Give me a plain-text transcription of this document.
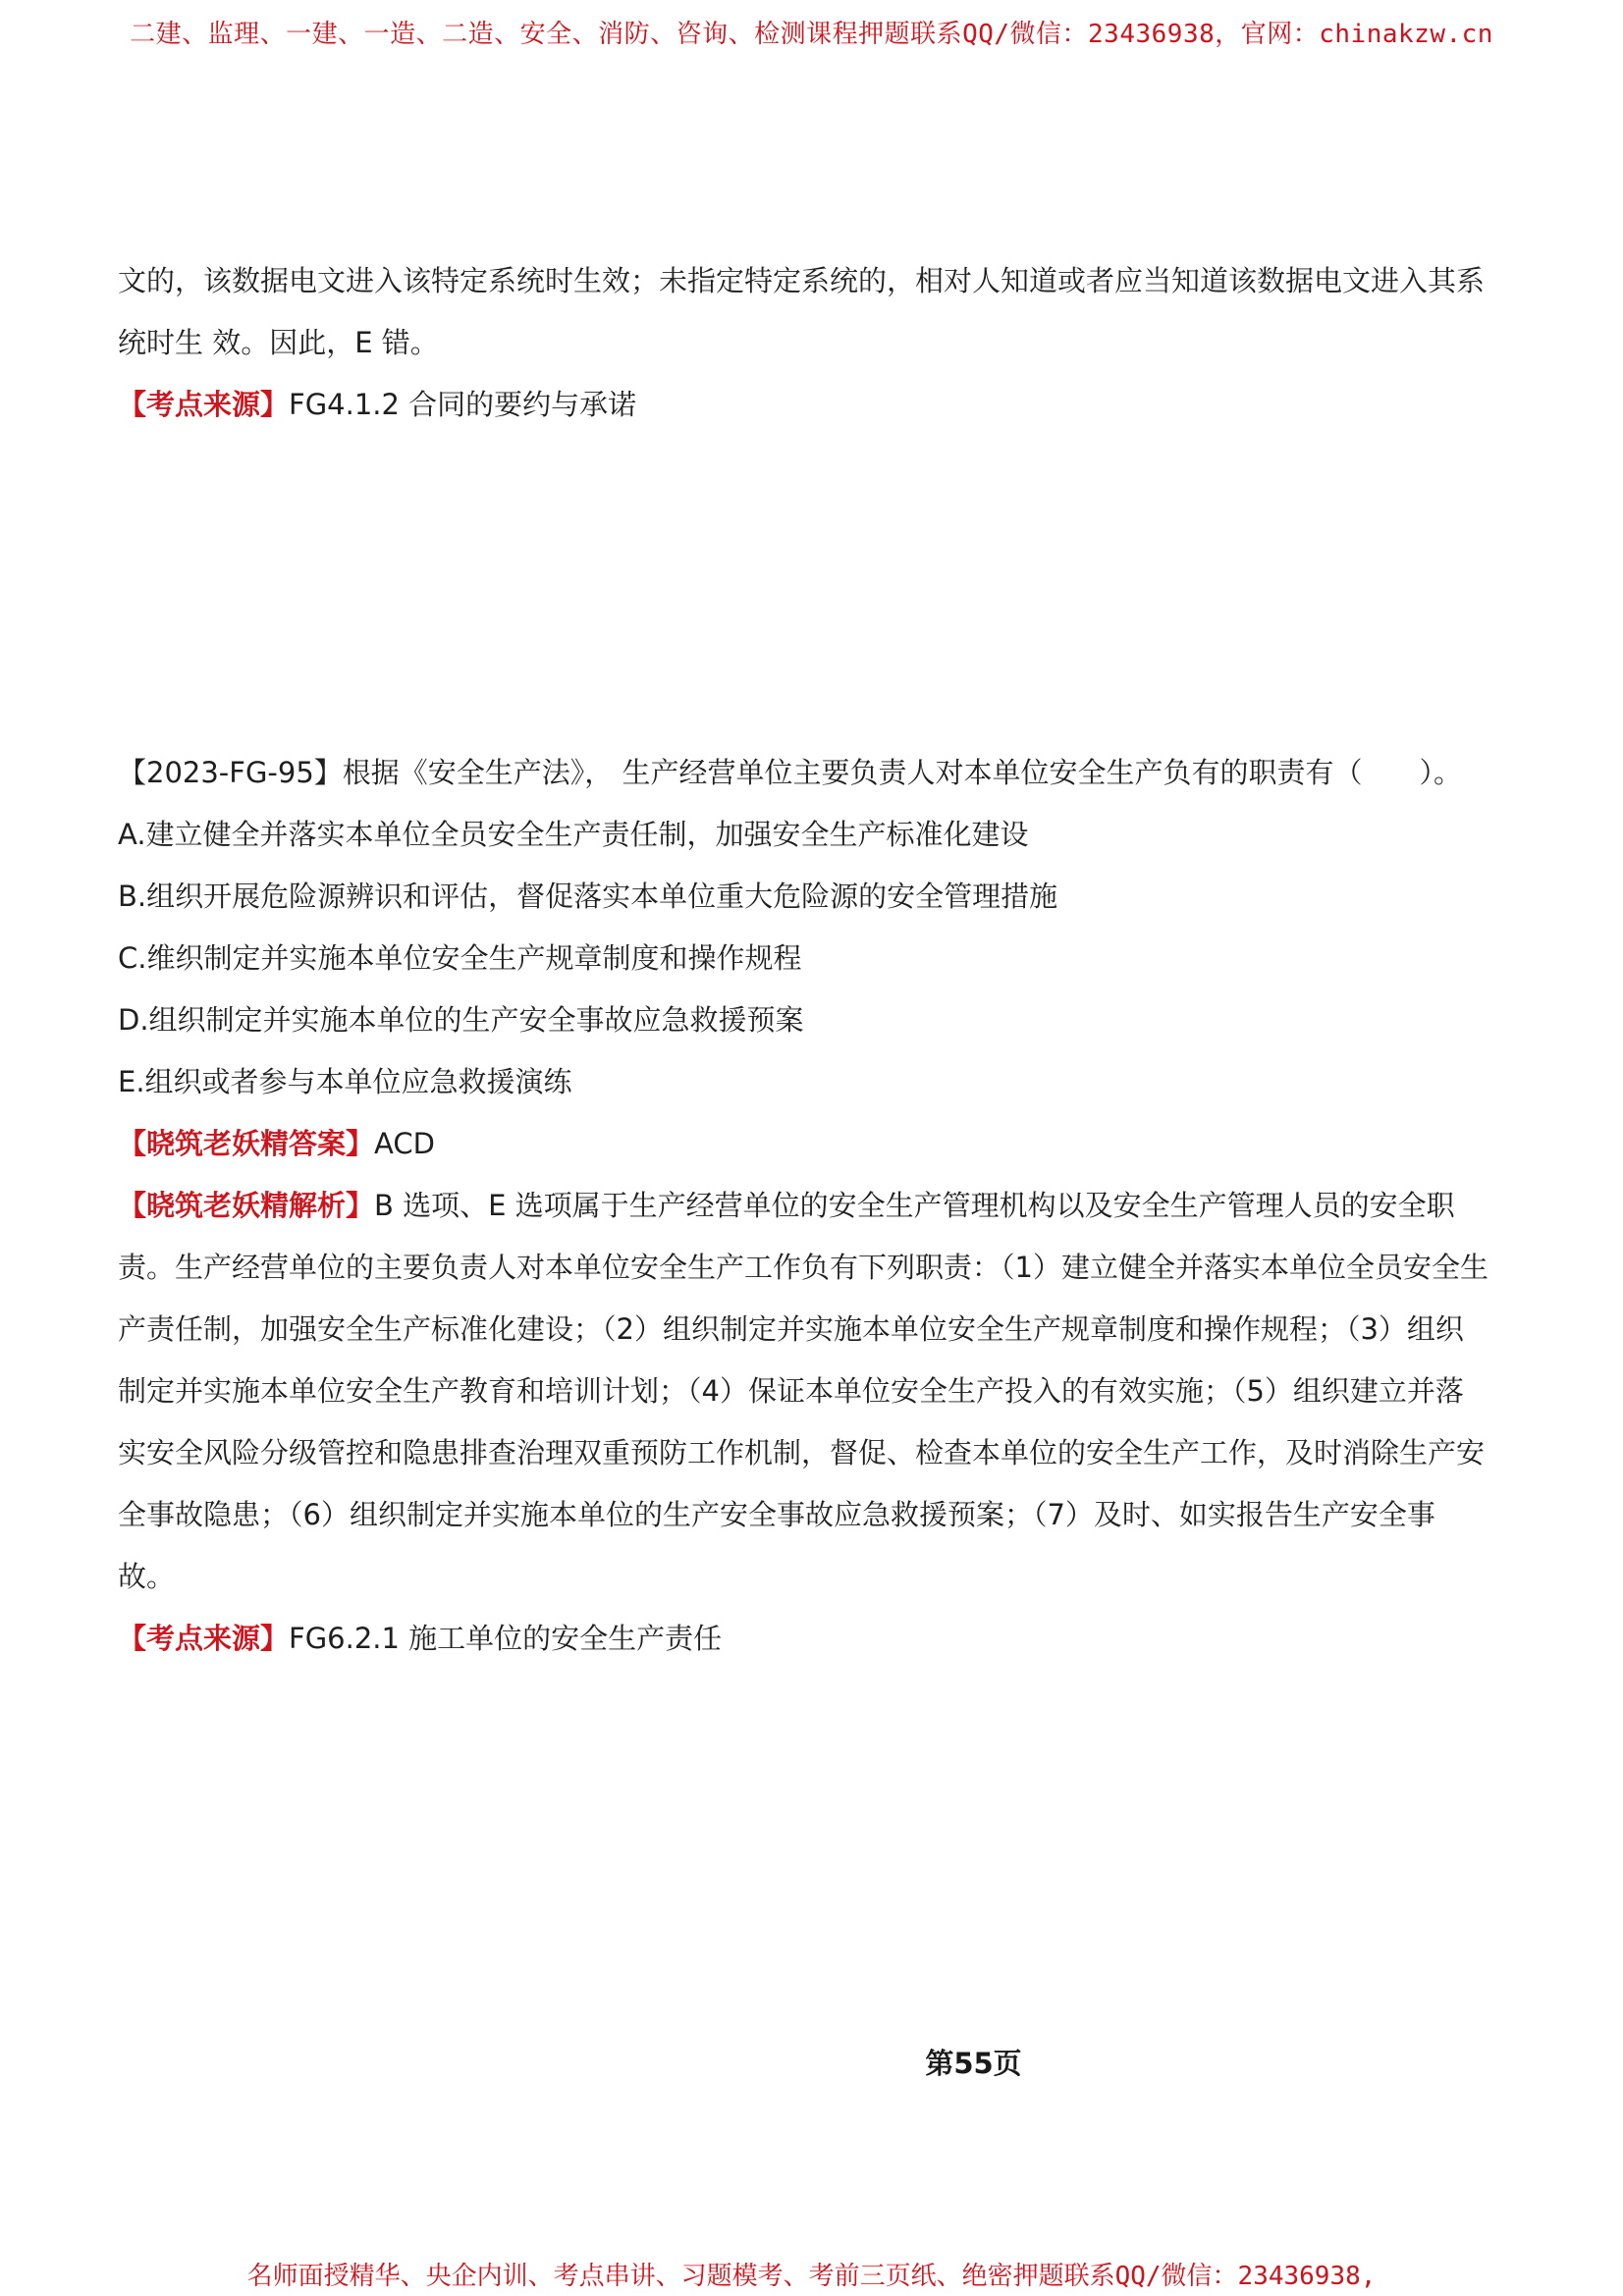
二建、监理、一建、一造、二造、安全、消防、咨询、检测课程押题联系QQ/微信：23436938，官网：chinakzw.cn
文的，该数据电文进入该特定系统时生效；未指定特定系统的，相对人知道或者应当知道该数据电文进入其系
统时生 效。因此，E 错。
【考点来源】FG4.1.2 合同的要约与承诺
【2023-FG-95】根据《安全生产法》， 生产经营单位主要负责人对本单位安全生产负有的职责有（　　）。
A.建立健全并落实本单位全员安全生产责任制，加强安全生产标准化建设
B.组织开展危险源辨识和评估，督促落实本单位重大危险源的安全管理措施
C.维织制定并实施本单位安全生产规章制度和操作规程
D.组织制定并实施本单位的生产安全事故应急救援预案
E.组织或者参与本单位应急救援演练
【晓筑老妖精答案】ACD
【晓筑老妖精解析】B 选项、E 选项属于生产经营单位的安全生产管理机构以及安全生产管理人员的安全职
责。生产经营单位的主要负责人对本单位安全生产工作负有下列职责：（1）建立健全并落实本单位全员安全生
产责任制，加强安全生产标准化建设；（2）组织制定并实施本单位安全生产规章制度和操作规程；（3）组织
制定并实施本单位安全生产教育和培训计划；（4）保证本单位安全生产投入的有效实施；（5）组织建立并落
实安全风险分级管控和隐患排查治理双重预防工作机制，督促、检查本单位的安全生产工作，及时消除生产安
全事故隐患；（6）组织制定并实施本单位的生产安全事故应急救援预案；（7）及时、如实报告生产安全事
故。
【考点来源】FG6.2.1 施工单位的安全生产责任
第55页
名师面授精华、央企内训、考点串讲、习题模考、考前三页纸、绝密押题联系QQ/微信：23436938,
